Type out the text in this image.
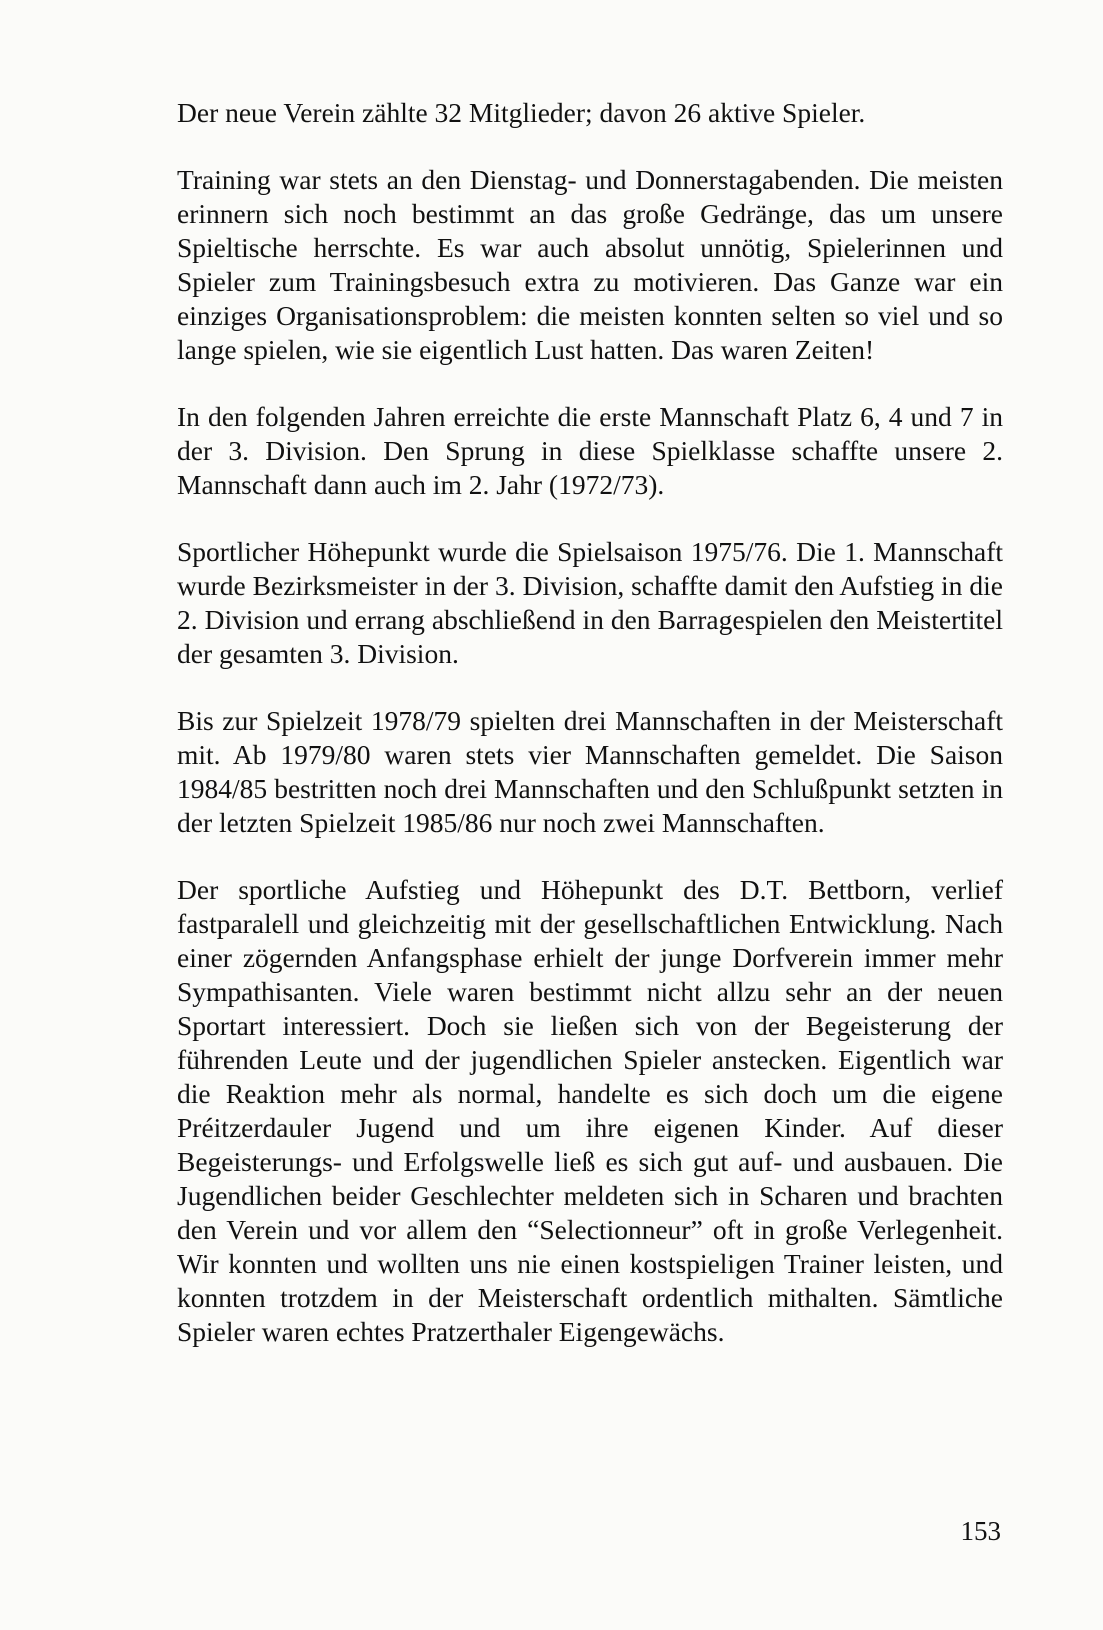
Der neue Verein zählte 32 Mitglieder; davon 26 aktive Spieler.

Training war stets an den Dienstag- und Donnerstagabenden. Die meisten erinnern sich noch bestimmt an das große Gedränge, das um unsere Spieltische herrschte. Es war auch absolut unnötig, Spielerinnen und Spieler zum Trainingsbesuch extra zu motivieren. Das Ganze war ein einziges Organisationsproblem: die meisten konnten selten so viel und so lange spielen, wie sie eigentlich Lust hatten. Das waren Zeiten!

In den folgenden Jahren erreichte die erste Mannschaft Platz 6, 4 und 7 in der 3. Division. Den Sprung in diese Spielklasse schaffte unsere 2. Mannschaft dann auch im 2. Jahr (1972/73).

Sportlicher Höhepunkt wurde die Spielsaison 1975/76. Die 1. Mannschaft wurde Bezirksmeister in der 3. Division, schaffte damit den Aufstieg in die 2. Division und errang abschließend in den Barragespielen den Meistertitel der gesamten 3. Division.

Bis zur Spielzeit 1978/79 spielten drei Mannschaften in der Meisterschaft mit. Ab 1979/80 waren stets vier Mannschaften gemeldet. Die Saison 1984/85 bestritten noch drei Mannschaften und den Schlußpunkt setzten in der letzten Spielzeit 1985/86 nur noch zwei Mannschaften.

Der sportliche Aufstieg und Höhepunkt des D.T. Bettborn, verlief fastparalell und gleichzeitig mit der gesellschaftlichen Entwicklung. Nach einer zögernden Anfangsphase erhielt der junge Dorfverein immer mehr Sympathisanten. Viele waren bestimmt nicht allzu sehr an der neuen Sportart interessiert. Doch sie ließen sich von der Begeisterung der führenden Leute und der jugendlichen Spieler anstecken. Eigentlich war die Reaktion mehr als normal, handelte es sich doch um die eigene Préitzerdauler Jugend und um ihre eigenen Kinder. Auf dieser Begeisterungs- und Erfolgswelle ließ es sich gut auf- und ausbauen. Die Jugendlichen beider Geschlechter meldeten sich in Scharen und brachten den Verein und vor allem den “Selectionneur” oft in große Verlegenheit. Wir konnten und wollten uns nie einen kostspieligen Trainer leisten, und konnten trotzdem in der Meisterschaft ordentlich mithalten. Sämtliche Spieler waren echtes Pratzerthaler Eigengewächs.

153
